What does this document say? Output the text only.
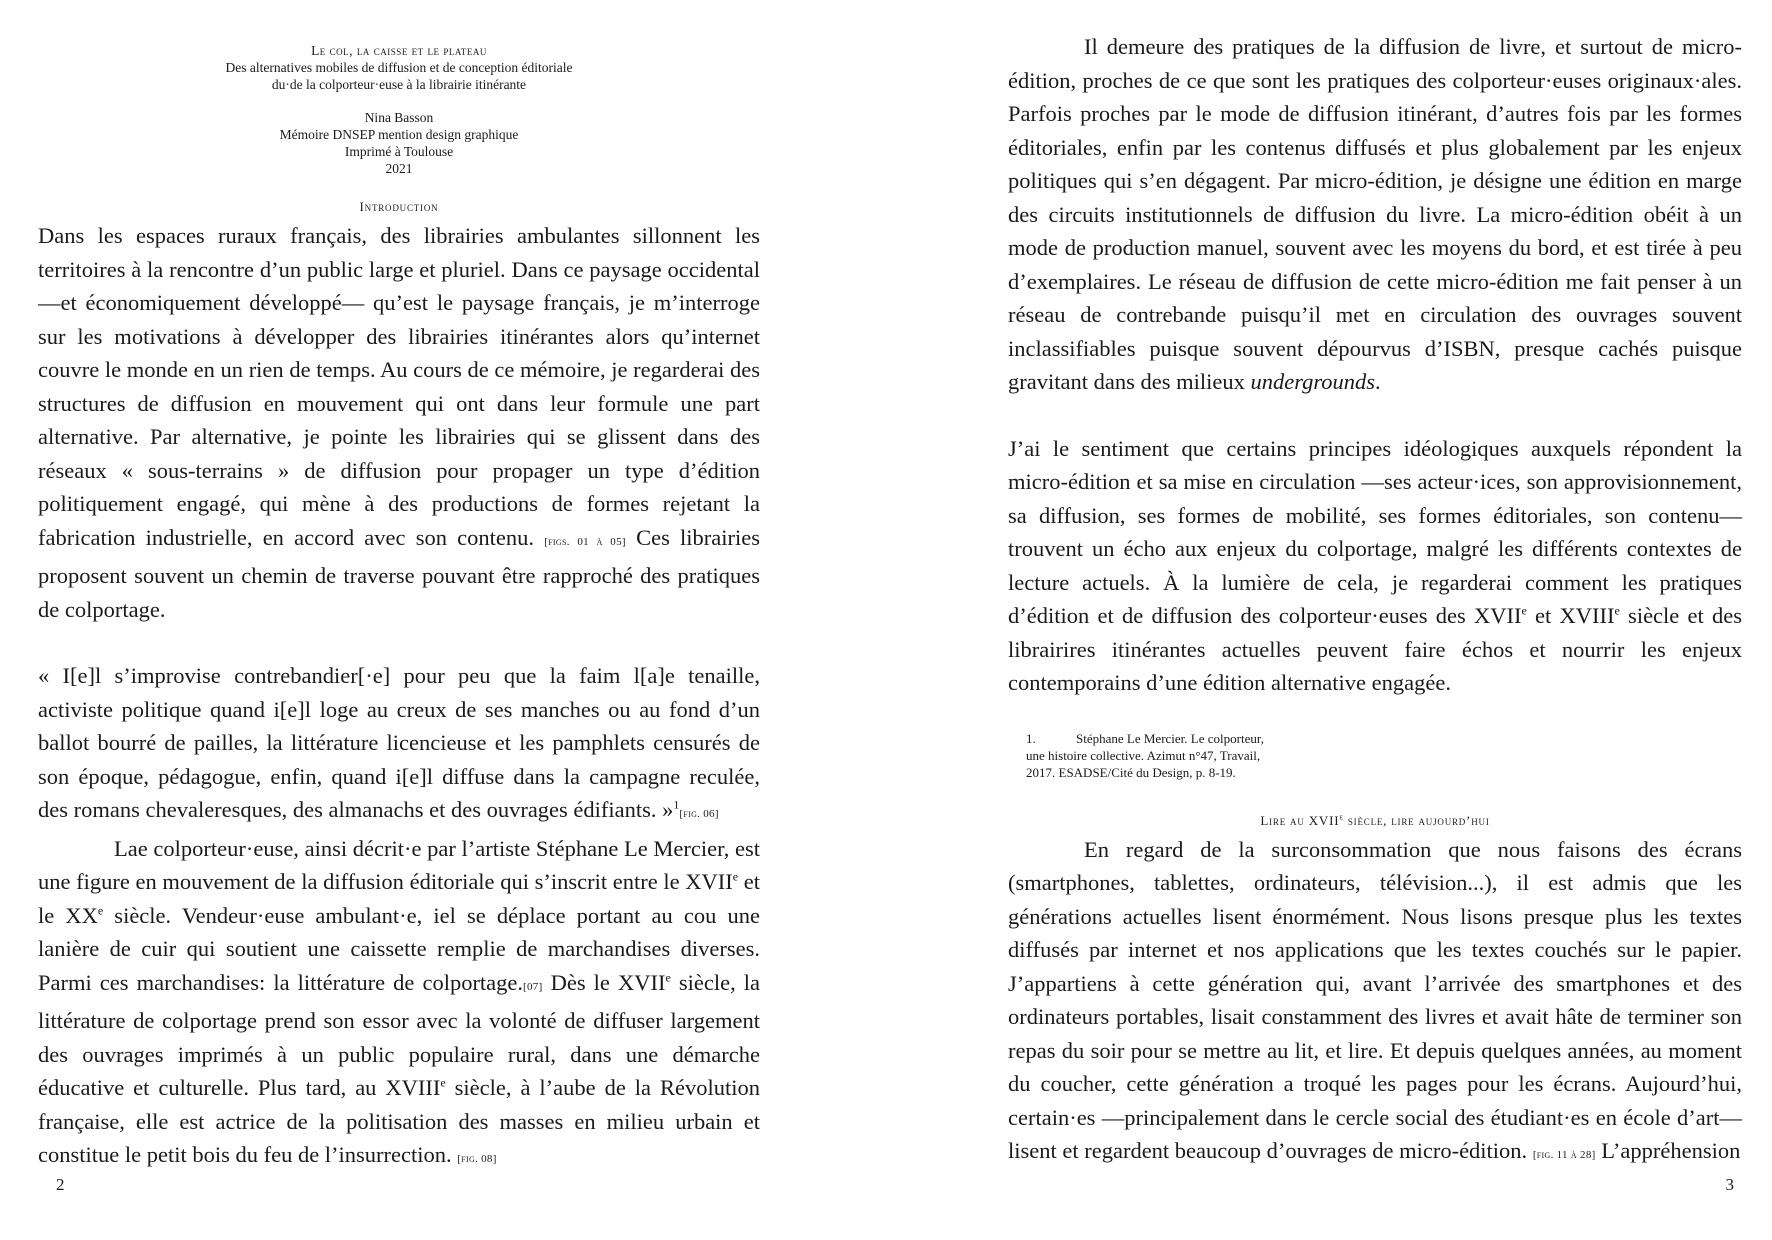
Le col, la caisse et le plateau
Des alternatives mobiles de diffusion et de conception éditoriale
du·de la colporteur·euse à la librairie itinérante
Nina Basson
Mémoire DNSEP mention design graphique
Imprimé à Toulouse
2021
Introduction

Dans les espaces ruraux français, des librairies ambulantes sillonnent les territoires à la rencontre d’un public large et pluriel. Dans ce paysage occidental —et économiquement développé— qu’est le paysage français, je m’interroge sur les motivations à développer des librairies itinérantes alors qu’internet couvre le monde en un rien de temps. Au cours de ce mémoire, je regarderai des structures de diffusion en mouvement qui ont dans leur formule une part alternative. Par alternative, je pointe les librairies qui se glissent dans des réseaux « sous-terrains » de diffusion pour propager un type d’édition politiquement engagé, qui mène à des productions de formes rejetant la fabrication industrielle, en accord avec son contenu. [figs. 01 à 05] Ces librairies proposent souvent un chemin de traverse pouvant être rapproché des pratiques de colportage.

« I[e]l s’improvise contrebandier[·e] pour peu que la faim l[a]e tenaille, activiste politique quand i[e]l loge au creux de ses manches ou au fond d’un ballot bourré de pailles, la littérature licencieuse et les pamphlets censurés de son époque, pédagogue, enfin, quand i[e]l diffuse dans la campagne reculée, des romans chevaleresques, des almanachs et des ouvrages édifiants. »$^1$[fig. 06]

Lae colporteur·euse, ainsi décrit·e par l’artiste Stéphane Le Mercier, est une figure en mouvement de la diffusion éditoriale qui s’inscrit entre le XVIIe et le XXe siècle. Vendeur·euse ambulant·e, iel se déplace portant au cou une lanière de cuir qui soutient une caissette remplie de marchandises diverses. Parmi ces marchandises: la littérature de colportage.[07] Dès le XVIIe siècle, la littérature de colportage prend son essor avec la volonté de diffuser largement des ouvrages imprimés à un public populaire rural, dans une démarche éducative et culturelle. Plus tard, au XVIIIe siècle, à l’aube de la Révolution française, elle est actrice de la politisation des masses en milieu urbain et constitue le petit bois du feu de l’insurrection. [fig. 08]

2

Il demeure des pratiques de la diffusion de livre, et surtout de micro-édition, proches de ce que sont les pratiques des colporteur·euses originaux·ales. Parfois proches par le mode de diffusion itinérant, d’autres fois par les formes éditoriales, enfin par les contenus diffusés et plus globalement par les enjeux politiques qui s’en dégagent. Par micro-édition, je désigne une édition en marge des circuits institutionnels de diffusion du livre. La micro-édition obéit à un mode de production manuel, souvent avec les moyens du bord, et est tirée à peu d’exemplaires. Le réseau de diffusion de cette micro-édition me fait penser à un réseau de contrebande puisqu’il met en circulation des ouvrages souvent inclassifiables puisque souvent dépourvus d’ISBN, presque cachés puisque gravitant dans des milieux undergrounds.

J’ai le sentiment que certains principes idéologiques auxquels répondent la micro-édition et sa mise en circulation —ses acteur·ices, son approvisionnement, sa diffusion, ses formes de mobilité, ses formes éditoriales, son contenu— trouvent un écho aux enjeux du colportage, malgré les différents contextes de lecture actuels. À la lumière de cela, je regarderai comment les pratiques d’édition et de diffusion des colporteur·euses des XVIIe et XVIIIe siècle et des librairires itinérantes actuelles peuvent faire échos et nourrir les enjeux contemporains d’une édition alternative engagée.

1.	Stéphane Le Mercier. Le colporteur,
une histoire collective. Azimut n°47, Travail,
2017. ESADSE/Cité du Design, p. 8-19.
Lire au XVIIe siècle, lire aujourd’hui

En regard de la surconsommation que nous faisons des écrans (smartphones, tablettes, ordinateurs, télévision...), il est admis que les générations actuelles lisent énormément. Nous lisons presque plus les textes diffusés par internet et nos applications que les textes couchés sur le papier. J’appartiens à cette génération qui, avant l’arrivée des smartphones et des ordinateurs portables, lisait constamment des livres et avait hâte de terminer son repas du soir pour se mettre au lit, et lire. Et depuis quelques années, au moment du coucher, cette génération a troqué les pages pour les écrans. Aujourd’hui, certain·es —principalement dans le cercle social des étudiant·es en école d’art— lisent et regardent beaucoup d’ouvrages de micro-édition. [fig. 11 à 28] L’appréhension

3
